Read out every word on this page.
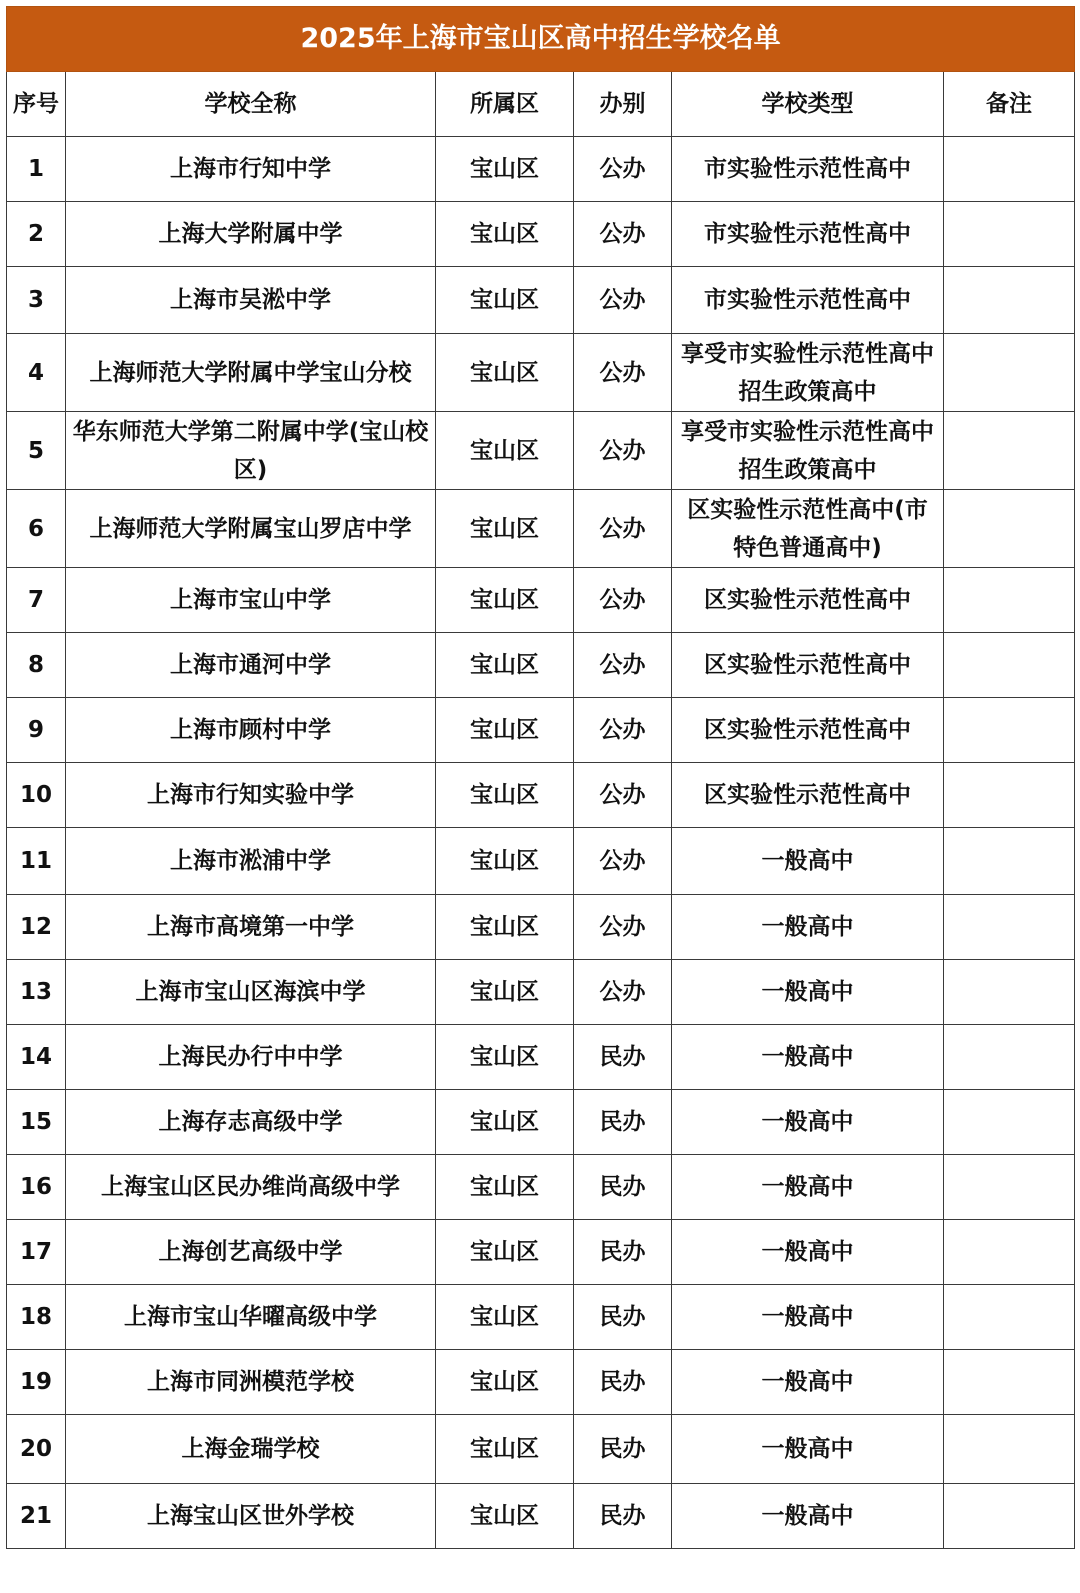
2025年上海市宝山区高中招生学校名单					
序号	学校全称	所属区	办别	学校类型	备注
1	上海市行知中学	宝山区	公办	市实验性示范性高中	
2	上海大学附属中学	宝山区	公办	市实验性示范性高中	
3	上海市吴淞中学	宝山区	公办	市实验性示范性高中	
4	上海师范大学附属中学宝山分校	宝山区	公办	享受市实验性示范性高中招生政策高中	
5	华东师范大学第二附属中学(宝山校区)	宝山区	公办	享受市实验性示范性高中招生政策高中	
6	上海师范大学附属宝山罗店中学	宝山区	公办	区实验性示范性高中(市特色普通高中)	
7	上海市宝山中学	宝山区	公办	区实验性示范性高中	
8	上海市通河中学	宝山区	公办	区实验性示范性高中	
9	上海市顾村中学	宝山区	公办	区实验性示范性高中	
10	上海市行知实验中学	宝山区	公办	区实验性示范性高中	
11	上海市淞浦中学	宝山区	公办	一般高中	
12	上海市高境第一中学	宝山区	公办	一般高中	
13	上海市宝山区海滨中学	宝山区	公办	一般高中	
14	上海民办行中中学	宝山区	民办	一般高中	
15	上海存志高级中学	宝山区	民办	一般高中	
16	上海宝山区民办维尚高级中学	宝山区	民办	一般高中	
17	上海创艺高级中学	宝山区	民办	一般高中	
18	上海市宝山华曜高级中学	宝山区	民办	一般高中	
19	上海市同洲模范学校	宝山区	民办	一般高中	
20	上海金瑞学校	宝山区	民办	一般高中	
21	上海宝山区世外学校	宝山区	民办	一般高中	
